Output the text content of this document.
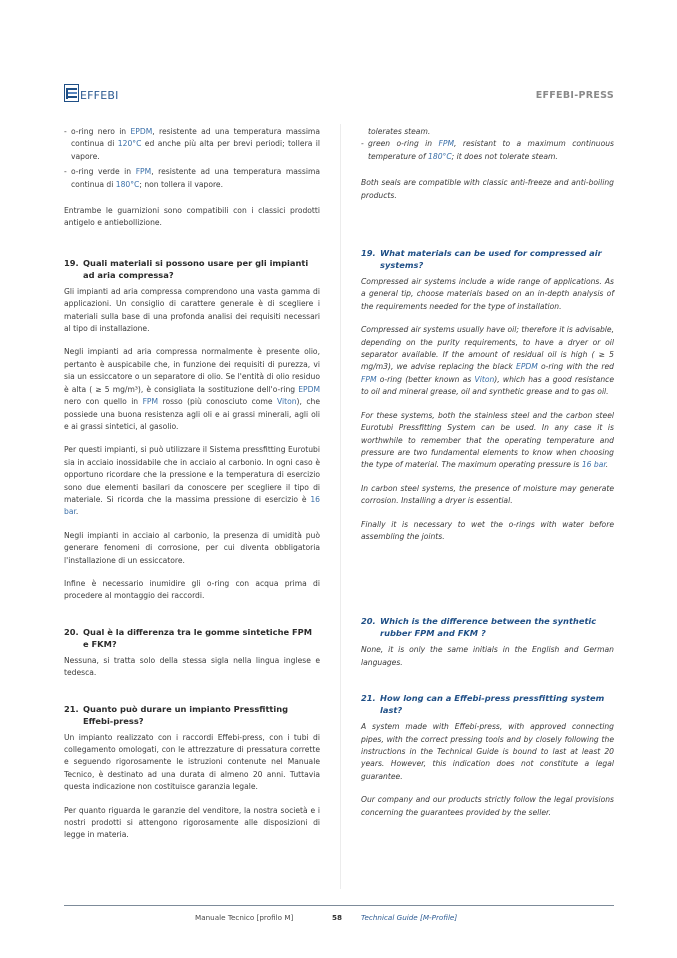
EFFEBI	EFFEBI-PRESS

- o-ring nero in EPDM, resistente ad una temperatura massima continua di 120°C ed anche più alta per brevi periodi; tollera il vapore.

- o-ring verde in FPM, resistente ad una temperatura massima continua di 180°C; non tollera il vapore.

Entrambe le guarnizioni sono compatibili con i classici prodotti antigelo e antiebollizione.

19. Quali materiali si possono usare per gli impianti ad aria compressa?

Gli impianti ad aria compressa comprendono una vasta gamma di applicazioni. Un consiglio di carattere generale è di scegliere i materiali sulla base di una profonda analisi dei requisiti necessari al tipo di installazione.

Negli impianti ad aria compressa normalmente è presente olio, pertanto è auspicabile che, in funzione dei requisiti di purezza, vi sia un essiccatore o un separatore di olio. Se l'entità di olio residuo è alta ( ≥ 5 mg/m³), è consigliata la sostituzione dell'o-ring EPDM nero con quello in FPM rosso (più conosciuto come Viton), che possiede una buona resistenza agli oli e ai grassi minerali, agli oli e ai grassi sintetici, al gasolio.

Per questi impianti, si può utilizzare il Sistema pressfitting Eurotubi sia in acciaio inossidabile che in acciaio al carbonio. In ogni caso è opportuno ricordare che la pressione e la temperatura di esercizio sono due elementi basilari da conoscere per scegliere il tipo di materiale. Si ricorda che la massima pressione di esercizio è 16 bar.

Negli impianti in acciaio al carbonio, la presenza di umidità può generare fenomeni di corrosione, per cui diventa obbligatoria l'installazione di un essiccatore.

Infine è necessario inumidire gli o-ring con acqua prima di procedere al montaggio dei raccordi.

20. Qual è la differenza tra le gomme sintetiche FPM e FKM?

Nessuna, si tratta solo della stessa sigla nella lingua inglese e tedesca.

21. Quanto può durare un impianto Pressfitting Effebi-press?

Un impianto realizzato con i raccordi Effebi-press, con i tubi di collegamento omologati, con le attrezzature di pressatura corrette e seguendo rigorosamente le istruzioni contenute nel Manuale Tecnico, è destinato ad una durata di almeno 20 anni. Tuttavia questa indicazione non costituisce garanzia legale.

Per quanto riguarda le garanzie del venditore, la nostra società e i nostri prodotti si attengono rigorosamente alle disposizioni di legge in materia.

tolerates steam.

- green o-ring in FPM, resistant to a maximum continuous temperature of 180°C; it does not tolerate steam.

Both seals are compatible with classic anti-freeze and anti-boiling products.

19. What materials can be used for compressed air systems?

Compressed air systems include a wide range of applications. As a general tip, choose materials based on an in-depth analysis of the requirements needed for the type of installation.

Compressed air systems usually have oil; therefore it is advisable, depending on the purity requirements, to have a dryer or oil separator available. If the amount of residual oil is high ( ≥ 5 mg/m3), we advise replacing the black EPDM o-ring with the red FPM o-ring (better known as Viton), which has a good resistance to oil and mineral grease, oil and synthetic grease and to gas oil.

For these systems, both the stainless steel and the carbon steel Eurotubi Pressfitting System can be used. In any case it is worthwhile to remember that the operating temperature and pressure are two fundamental elements to know when choosing the type of material. The maximum operating pressure is 16 bar.

In carbon steel systems, the presence of moisture may generate corrosion. Installing a dryer is essential.

Finally it is necessary to wet the o-rings with water before assembling the joints.

20. Which is the difference between the synthetic rubber FPM and FKM ?

None, it is only the same initials in the English and German languages.

21. How long can a Effebi-press pressfitting system last?

A system made with Effebi-press, with approved connecting pipes, with the correct pressing tools and by closely following the instructions in the Technical Guide is bound to last at least 20 years. However, this indication does not constitute a legal guarantee.

Our company and our products strictly follow the legal provisions concerning the guarantees provided by the seller.

Manuale Tecnico [profilo M]	58	Technical Guide [M-Profile]
